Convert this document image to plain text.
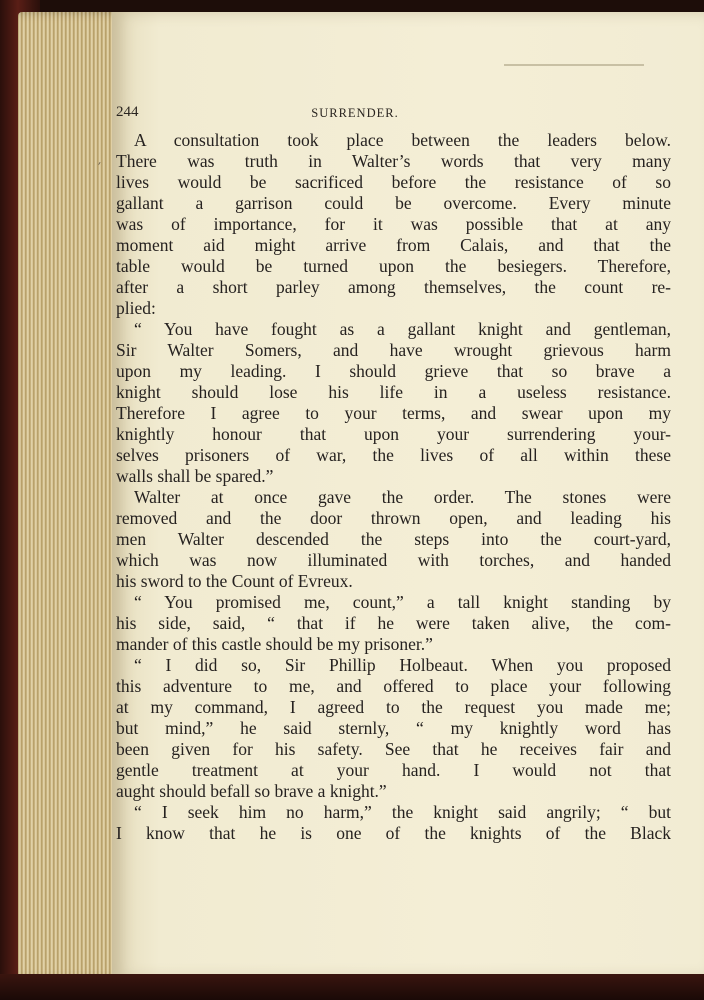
244	SURRENDER.
´
A consultation took place between the leaders below.
There was truth in Walter’s words that very many
lives would be sacrificed before the resistance of so
gallant a garrison could be overcome. Every minute
was of importance, for it was possible that at any
moment aid might arrive from Calais, and that the
table would be turned upon the besiegers. Therefore,
after a short parley among themselves, the count re-
plied:
“ You have fought as a gallant knight and gentleman,
Sir Walter Somers, and have wrought grievous harm
upon my leading. I should grieve that so brave a
knight should lose his life in a useless resistance.
Therefore I agree to your terms, and swear upon my
knightly honour that upon your surrendering your-
selves prisoners of war, the lives of all within these
walls shall be spared.”
Walter at once gave the order. The stones were
removed and the door thrown open, and leading his
men Walter descended the steps into the court-yard,
which was now illuminated with torches, and handed
his sword to the Count of Evreux.
“ You promised me, count,” a tall knight standing by
his side, said, “ that if he were taken alive, the com-
mander of this castle should be my prisoner.”
“ I did so, Sir Phillip Holbeaut. When you proposed
this adventure to me, and offered to place your following
at my command, I agreed to the request you made me;
but mind,” he said sternly, “ my knightly word has
been given for his safety. See that he receives fair and
gentle treatment at your hand. I would not that
aught should befall so brave a knight.”
“ I seek him no harm,” the knight said angrily; “ but
I know that he is one of the knights of the Black
